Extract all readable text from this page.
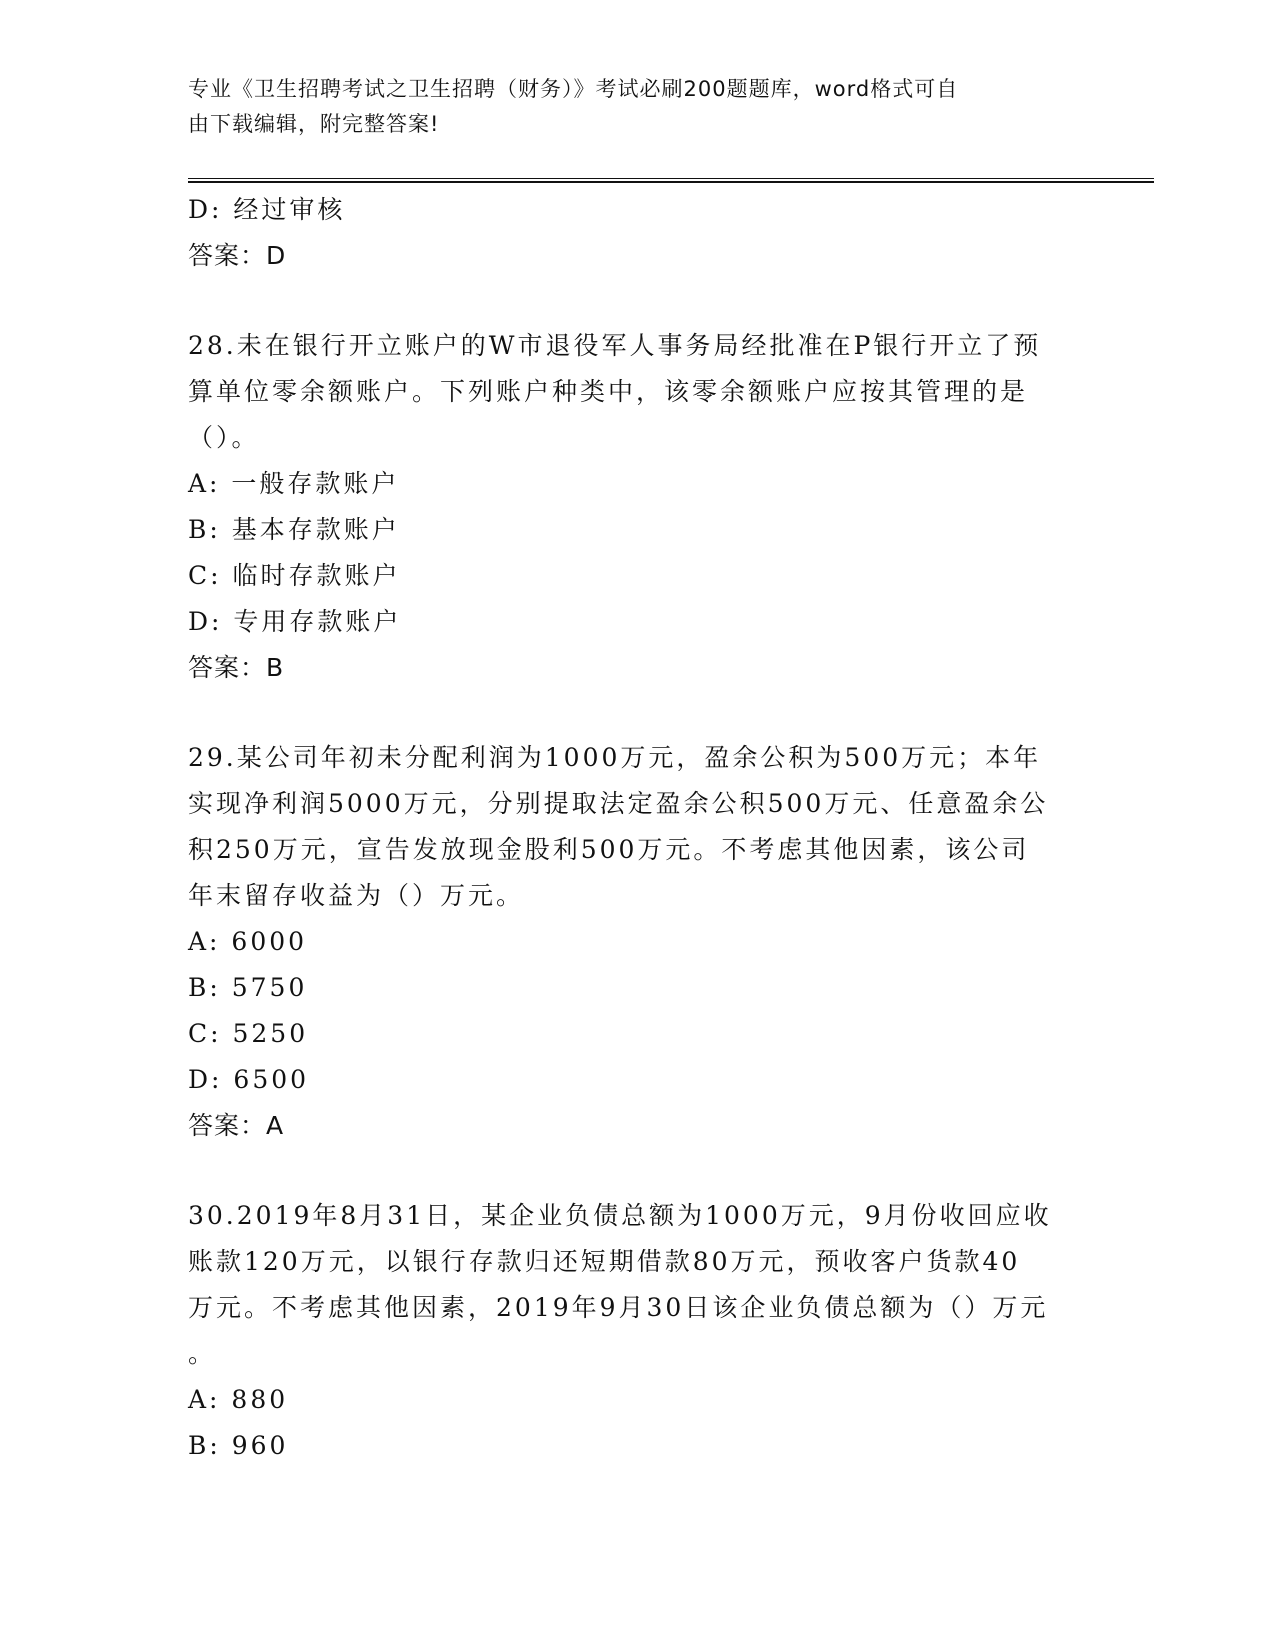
专业《卫生招聘考试之卫生招聘（财务）》考试必刷200题题库，word格式可自
由下载编辑，附完整答案!
D: 经过审核
答案：D
28.未在银行开立账户的W市退役军人事务局经批准在P银行开立了预
算单位零余额账户。下列账户种类中，该零余额账户应按其管理的是
（）。
A: 一般存款账户
B: 基本存款账户
C: 临时存款账户
D: 专用存款账户
答案：B
29.某公司年初未分配利润为1000万元，盈余公积为500万元；本年
实现净利润5000万元，分别提取法定盈余公积500万元、任意盈余公
积250万元，宣告发放现金股利500万元。不考虑其他因素，该公司
年末留存收益为（）万元。
A: 6000
B: 5750
C: 5250
D: 6500
答案：A
30.2019年8月31日，某企业负债总额为1000万元，9月份收回应收
账款120万元，以银行存款归还短期借款80万元，预收客户货款40
万元。不考虑其他因素，2019年9月30日该企业负债总额为（）万元
。
A: 880
B: 960
